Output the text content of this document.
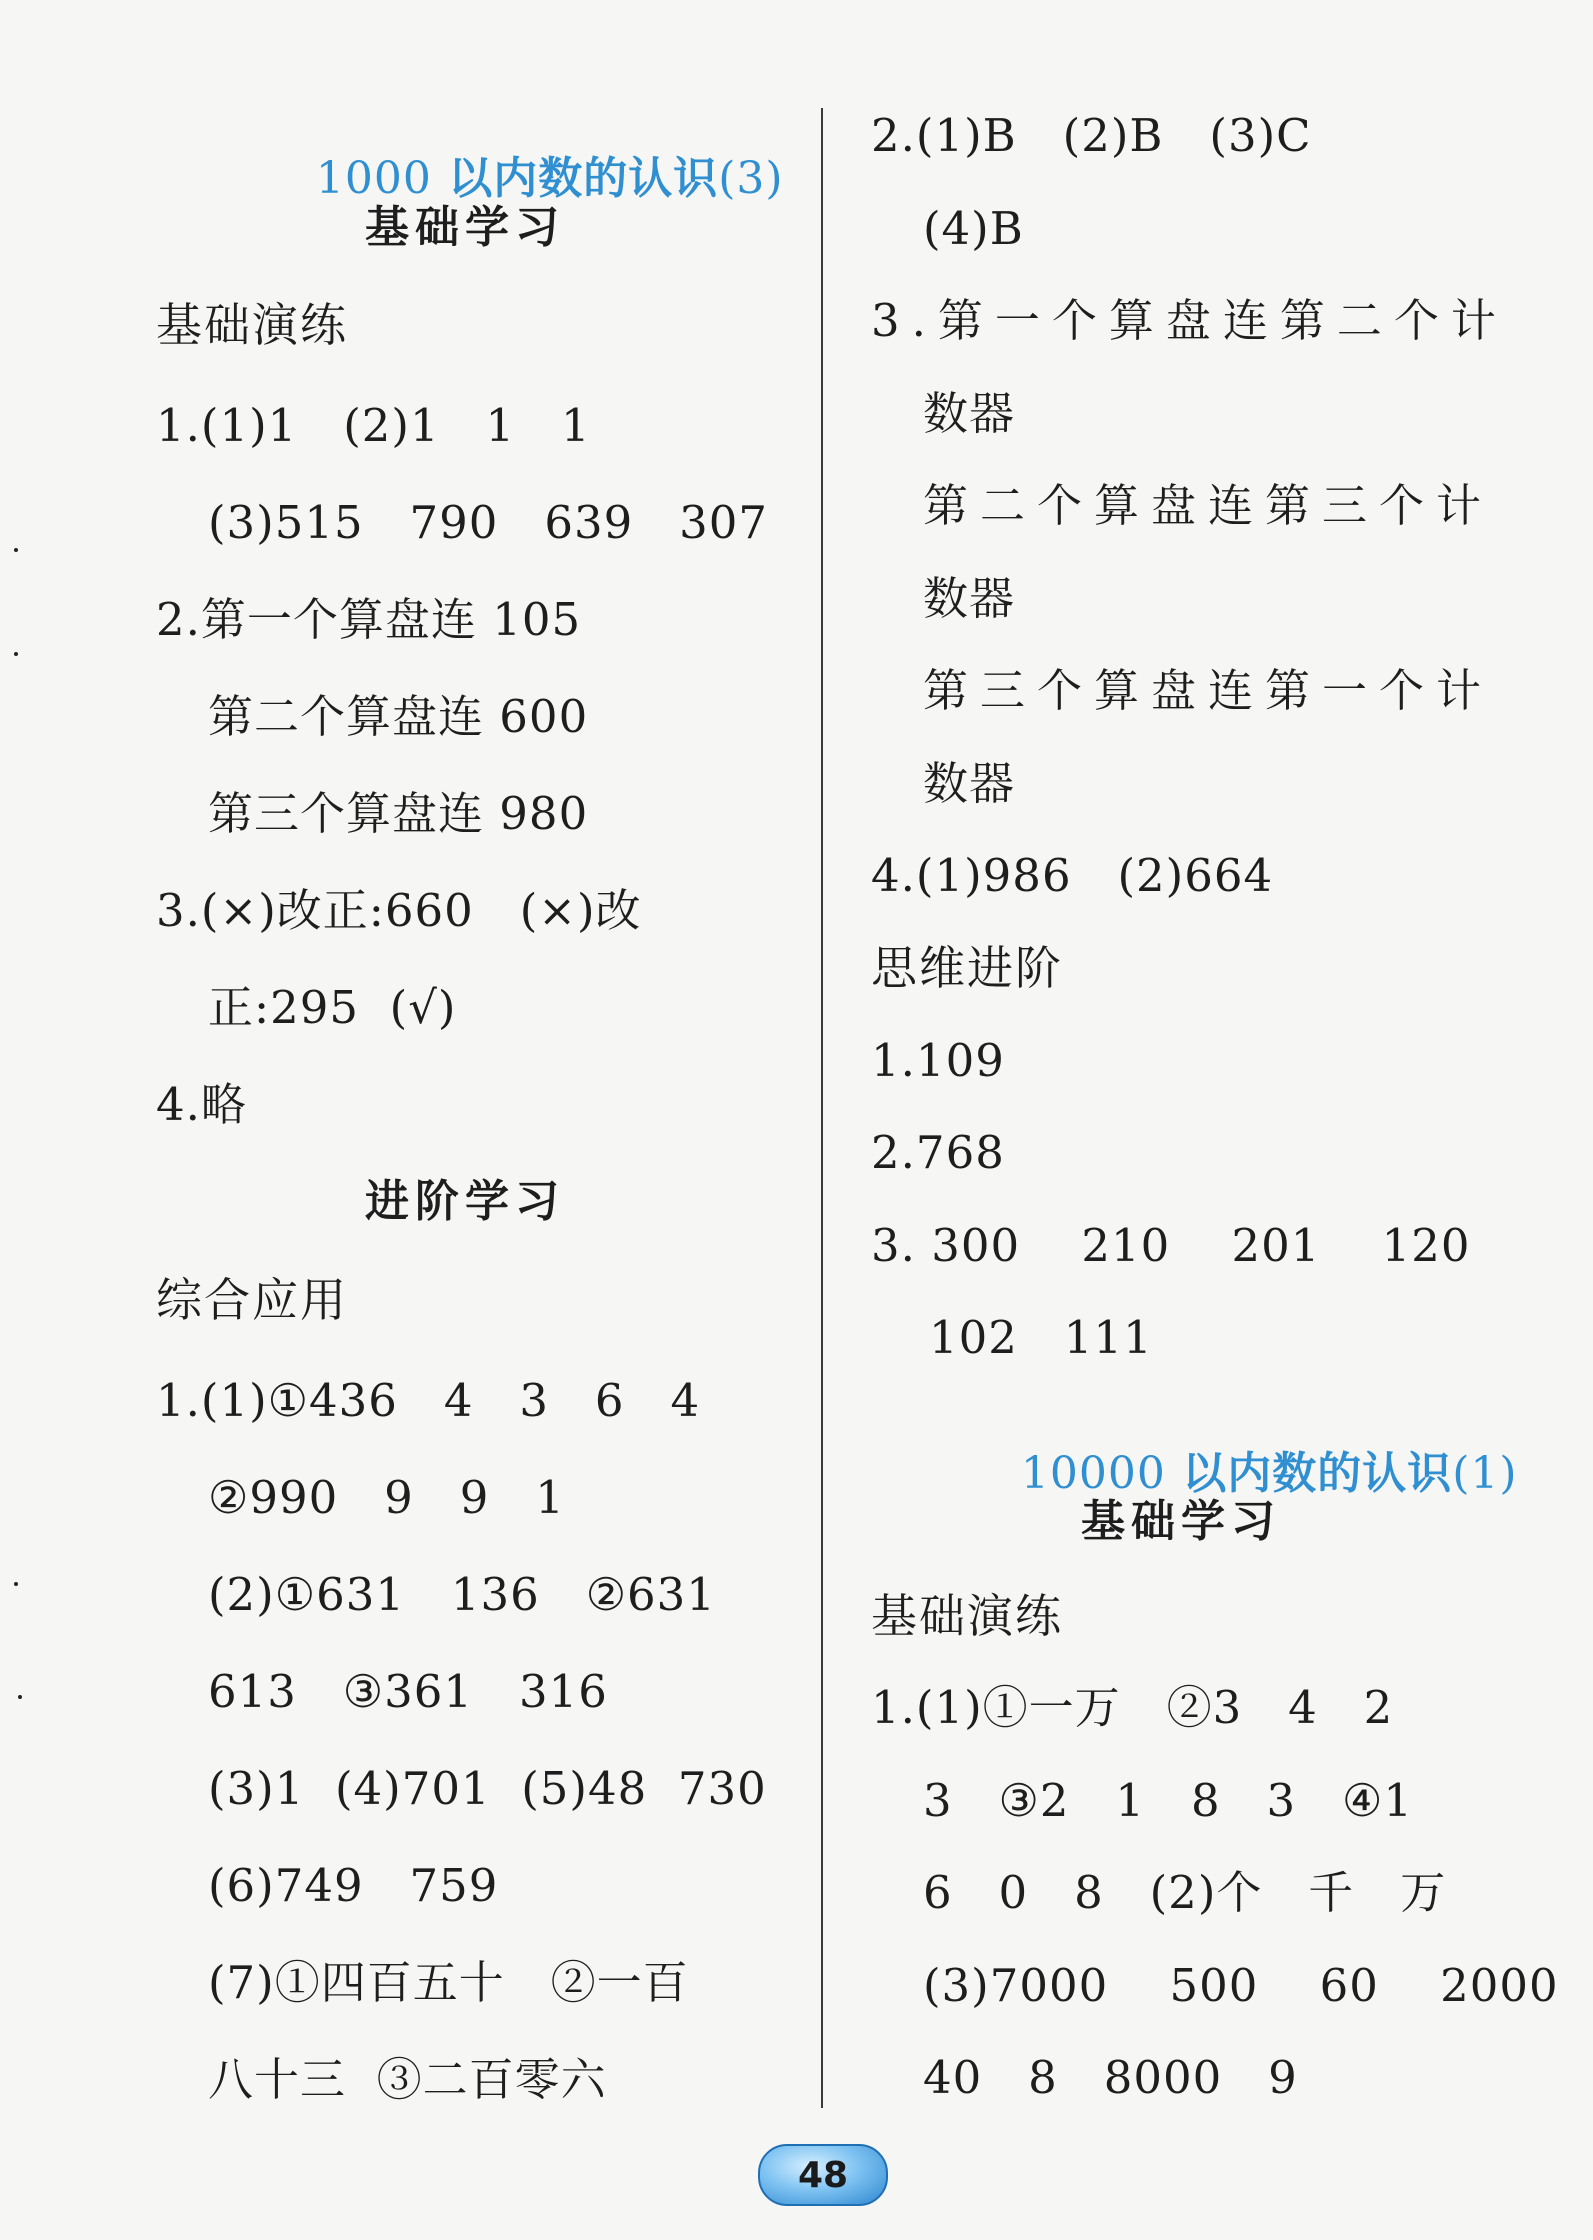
1000 以内数的认识(3)

基础学习
基础演练
1.(1)1   (2)1   1   1
(3)515   790   639   307
2.第一个算盘连 105
第二个算盘连 600
第三个算盘连 980
3.(×)改正:660   (×)改
正:295  (√)
4.略
进阶学习
综合应用
1.(1)①436   4   3   6   4
②990   9   9   1
(2)①631   136   ②631
613   ③361   316
(3)1  (4)701  (5)48  730
(6)749   759
(7)①四百五十   ②一百
八十三  ③二百零六
2.(1)B   (2)B   (3)C
(4)B
3.第一个算盘连第二个计
数器
第二个算盘连第三个计
数器
第三个算盘连第一个计
数器
4.(1)986   (2)664
思维进阶
1.109
2.768
3. 300    210    201    120
102   111

10000 以内数的认识(1)

基础学习
基础演练
1.(1)①一万   ②3   4   2
3   ③2   1   8   3   ④1
6   0   8   (2)个   千   万
(3)7000    500    60    2000
40   8   8000   9
48
